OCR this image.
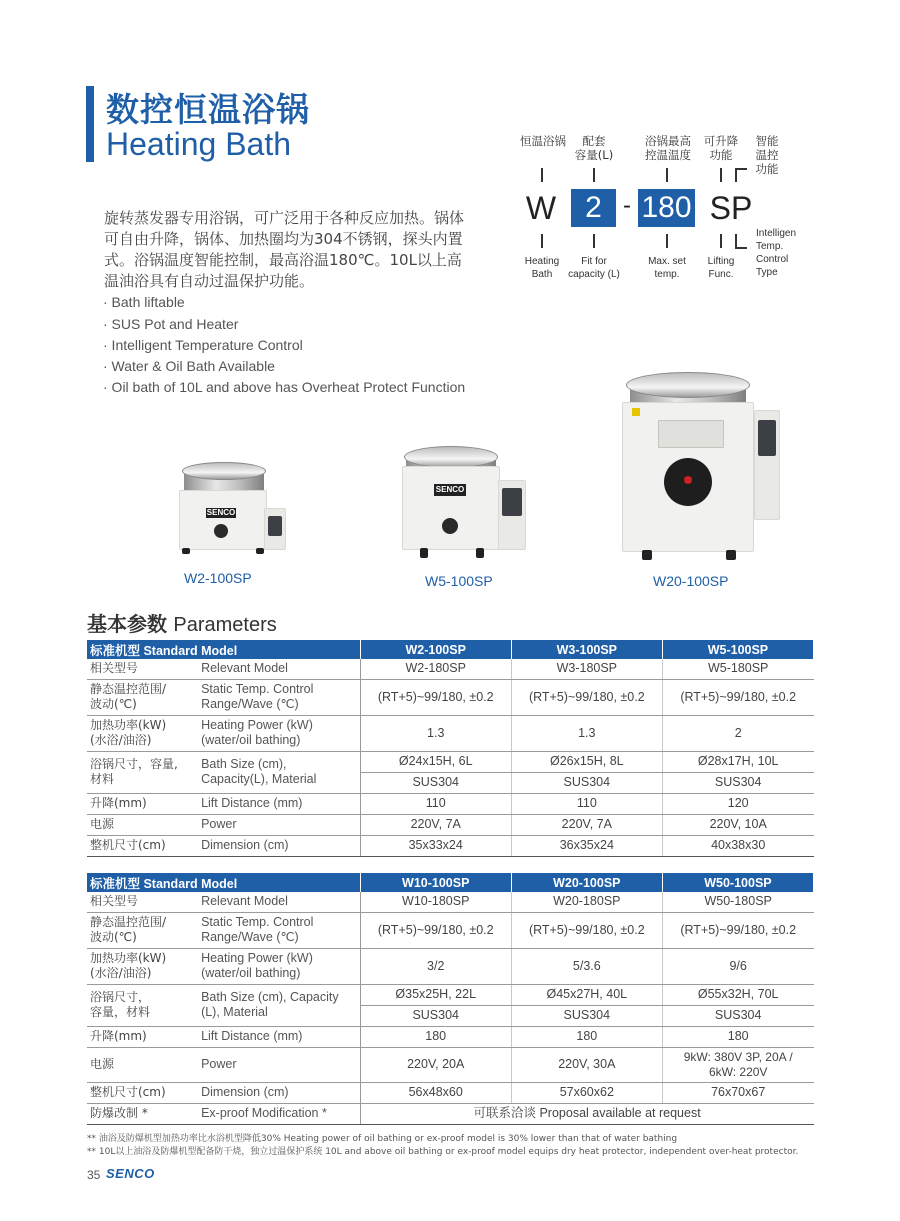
数控恒温浴锅
Heating Bath
旋转蒸发器专用浴锅，可广泛用于各种反应加热。锅体
可自由升降，锅体、加热圈均为304不锈钢，探头内置
式。浴锅温度智能控制，最高浴温180℃。10L以上高
温油浴具有自动过温保护功能。
· Bath liftable
· SUS Pot and Heater
· Intelligent Temperature Control
· Water & Oil Bath Available
· Oil bath of 10L and above has Overheat Protect Function
恒温浴锅	配套
容量(L)
浴锅最高
控温温度
可升降
功能
智能
温控
功能
W 2 - 180 SP
Heating
Bath
Fit for
capacity (L)
Max. set
temp.
Lifting
Func.
Intelligen
Temp.
Control
Type
SENCO
W2-100SP
SENCO
W5-100SP	W20-100SP
基本参数 Parameters
标准机型 Standard Model		W2-100SP	W3-100SP	W5-100SP
相关型号	Relevant Model	W2-180SP	W3-180SP	W5-180SP
静态温控范围/
波动(℃)	Static Temp. Control
Range/Wave (℃)	(RT+5)~99/180, ±0.2	(RT+5)~99/180, ±0.2	(RT+5)~99/180, ±0.2
加热功率(kW)
(水浴/油浴)	Heating Power (kW)
(water/oil bathing)	1.3	1.3	2
浴锅尺寸，容量,
材料	Bath Size (cm),
Capacity(L), Material	Ø24x15H, 6L	Ø26x15H, 8L	Ø28x17H, 10L
		SUS304	SUS304	SUS304
升降(mm)	Lift Distance (mm)	110	110	120
电源	Power	220V, 7A	220V, 7A	220V, 10A
整机尺寸(cm)	Dimension (cm)	35x33x24	36x35x24	40x38x30
标准机型 Standard Model		W10-100SP	W20-100SP	W50-100SP
相关型号	Relevant Model	W10-180SP	W20-180SP	W50-180SP
静态温控范围/
波动(℃)	Static Temp. Control
Range/Wave (℃)	(RT+5)~99/180, ±0.2	(RT+5)~99/180, ±0.2	(RT+5)~99/180, ±0.2
加热功率(kW)
(水浴/油浴)	Heating Power (kW)
(water/oil bathing)	3/2	5/3.6	9/6
浴锅尺寸，
容量，材料	Bath Size (cm), Capacity
(L), Material	Ø35x25H, 22L	Ø45x27H, 40L	Ø55x32H, 70L
		SUS304	SUS304	SUS304
升降(mm)	Lift Distance (mm)	180	180	180
电源	Power	220V, 20A	220V, 30A	9kW: 380V 3P, 20A /
6kW: 220V
整机尺寸(cm)	Dimension (cm)	56x48x60	57x60x62	76x70x67
防爆改制 *	Ex-proof Modification *	可联系洽谈 Proposal available at request		
** 油浴及防爆机型加热功率比水浴机型降低30% Heating power of oil bathing or ex-proof model is 30% lower than that of water bathing
** 10L以上油浴及防爆机型配备防干烧，独立过温保护系统 10L and above oil bathing or ex-proof model equips dry heat protector, independent over-heat protector.
35 SENCO
